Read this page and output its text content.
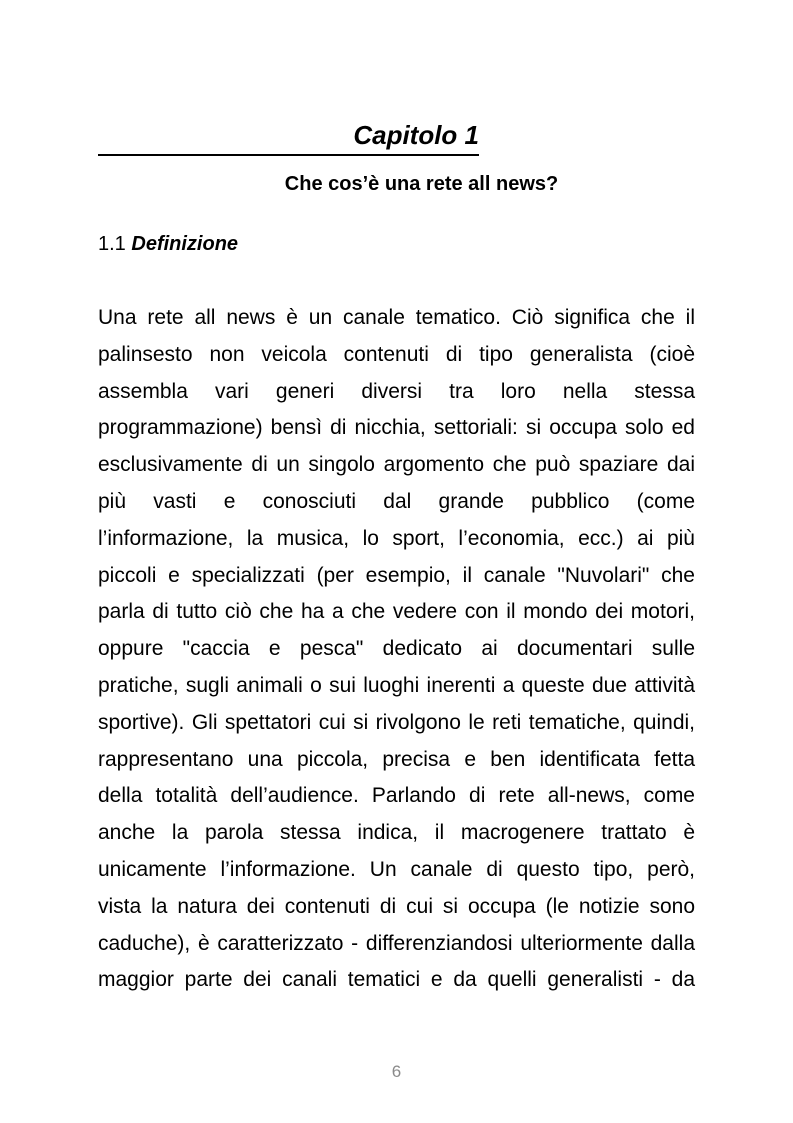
Capitolo 1
Che cos’è una rete all news?
1.1 Definizione
Una rete all news è un canale tematico. Ciò significa che il
palinsesto non veicola contenuti di tipo generalista (cioè
assembla vari generi diversi tra loro nella stessa
programmazione) bensì di nicchia, settoriali: si occupa solo ed
esclusivamente di un singolo argomento che può spaziare dai
più vasti e conosciuti dal grande pubblico (come
l’informazione, la musica, lo sport, l’economia, ecc.) ai più
piccoli e specializzati (per esempio, il canale "Nuvolari" che
parla di tutto ciò che ha a che vedere con il mondo dei motori,
oppure "caccia e pesca" dedicato ai documentari sulle
pratiche, sugli animali o sui luoghi inerenti a queste due attività
sportive). Gli spettatori cui si rivolgono le reti tematiche, quindi,
rappresentano una piccola, precisa e ben identificata fetta
della totalità dell’audience. Parlando di rete all-news, come
anche la parola stessa indica, il macrogenere trattato è
unicamente l’informazione. Un canale di questo tipo, però,
vista la natura dei contenuti di cui si occupa (le notizie sono
caduche), è caratterizzato - differenziandosi ulteriormente dalla
maggior parte dei canali tematici e da quelli generalisti - da
6
